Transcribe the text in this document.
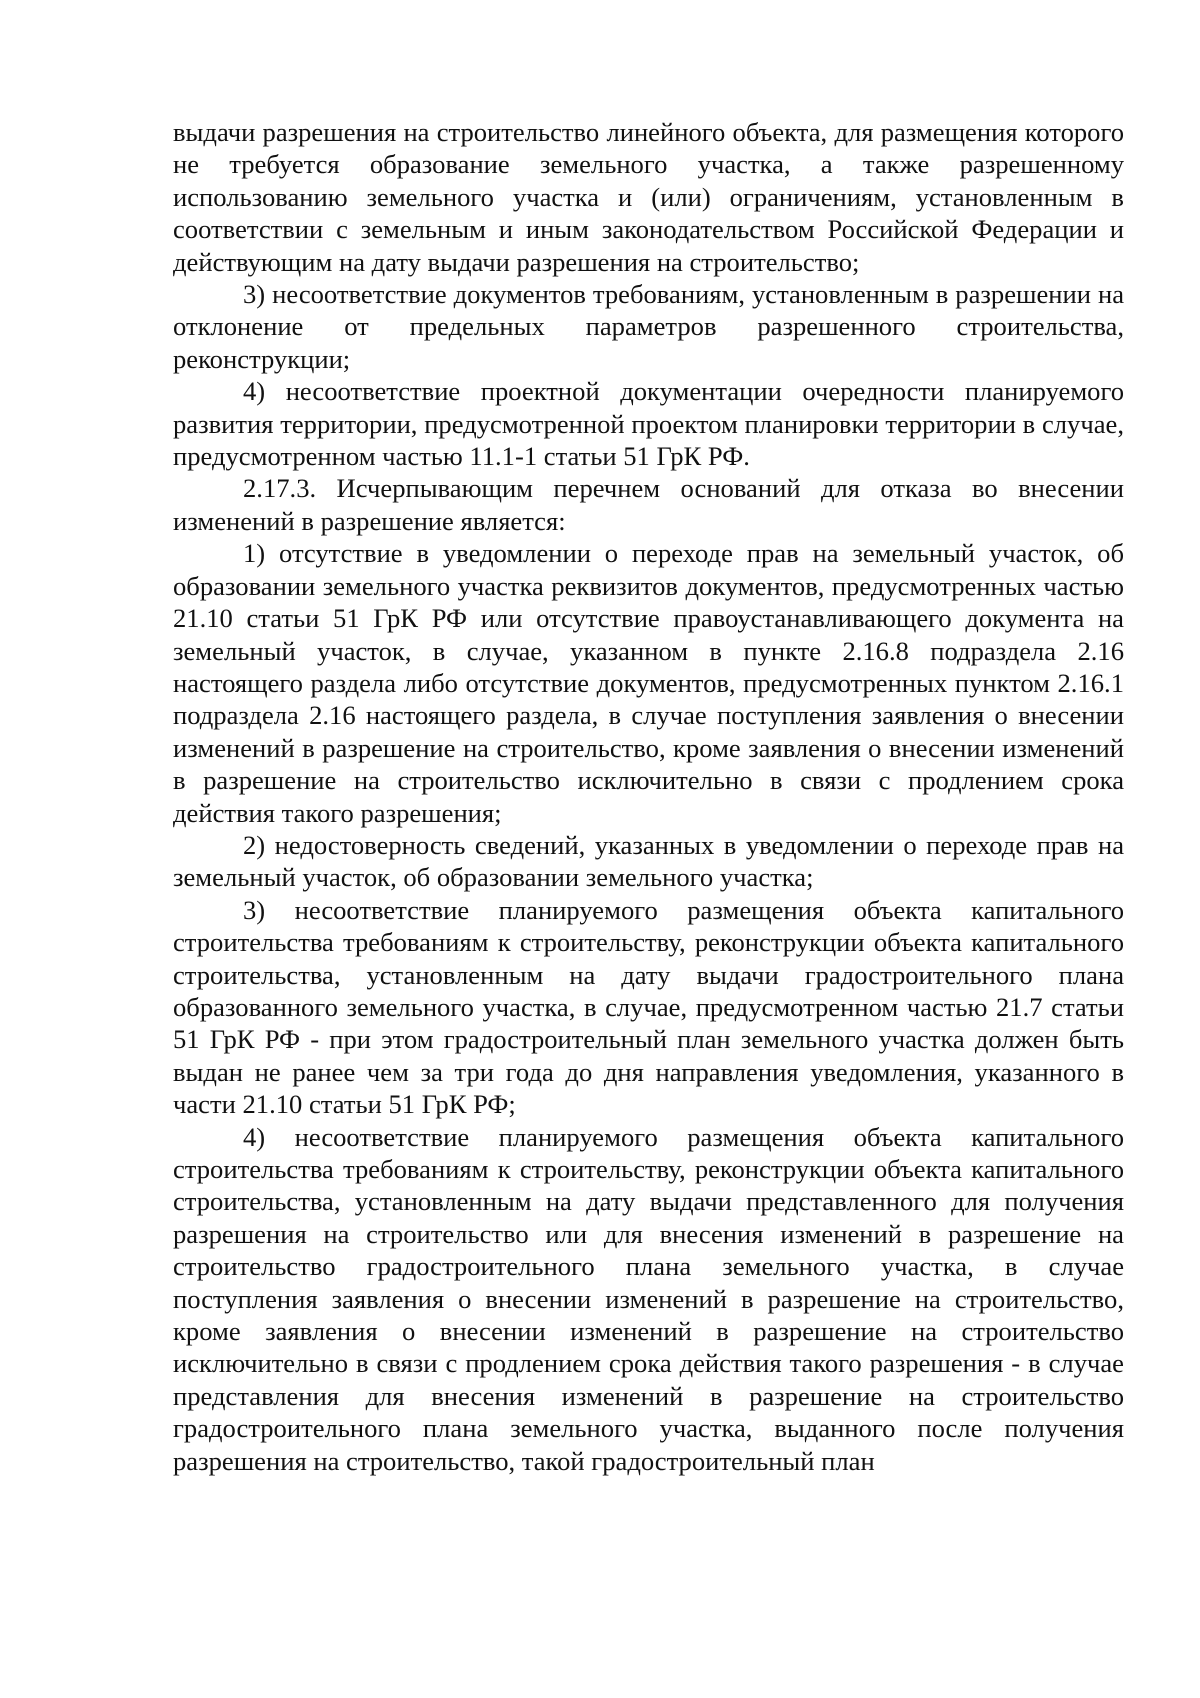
выдачи разрешения на строительство линейного объекта, для размещения которого не требуется образование земельного участка, а также разрешенному использованию земельного участка и (или) ограничениям, установленным в соответствии с земельным и иным законодательством Российской Федерации и действующим на дату выдачи разрешения на строительство;

3) несоответствие документов требованиям, установленным в разрешении на отклонение от предельных параметров разрешенного строительства, реконструкции;

4) несоответствие проектной документации очередности планируемого развития территории, предусмотренной проектом планировки территории в случае, предусмотренном частью 11.1-1 статьи 51 ГрК РФ.

2.17.3. Исчерпывающим перечнем оснований для отказа во внесении изменений в разрешение является:

1) отсутствие в уведомлении о переходе прав на земельный участок, об образовании земельного участка реквизитов документов, предусмотренных частью 21.10 статьи 51 ГрК РФ или отсутствие правоустанавливающего документа на земельный участок, в случае, указанном в пункте 2.16.8 подраздела 2.16 настоящего раздела либо отсутствие документов, предусмотренных пунктом 2.16.1 подраздела 2.16 настоящего раздела, в случае поступления заявления о внесении изменений в разрешение на строительство, кроме заявления о внесении изменений в разрешение на строительство исключительно в связи с продлением срока действия такого разрешения;

2) недостоверность сведений, указанных в уведомлении о переходе прав на земельный участок, об образовании земельного участка;

3) несоответствие планируемого размещения объекта капитального строительства требованиям к строительству, реконструкции объекта капитального строительства, установленным на дату выдачи градостроительного плана образованного земельного участка, в случае, предусмотренном частью 21.7 статьи 51 ГрК РФ - при этом градостроительный план земельного участка должен быть выдан не ранее чем за три года до дня направления уведомления, указанного в части 21.10 статьи 51 ГрК РФ;

4) несоответствие планируемого размещения объекта капитального строительства требованиям к строительству, реконструкции объекта капитального строительства, установленным на дату выдачи представленного для получения разрешения на строительство или для внесения изменений в разрешение на строительство градостроительного плана земельного участка, в случае поступления заявления о внесении изменений в разрешение на строительство, кроме заявления о внесении изменений в разрешение на строительство исключительно в связи с продлением срока действия такого разрешения - в случае представления для внесения изменений в разрешение на строительство градостроительного плана земельного участка, выданного после получения разрешения на строительство, такой градостроительный план
